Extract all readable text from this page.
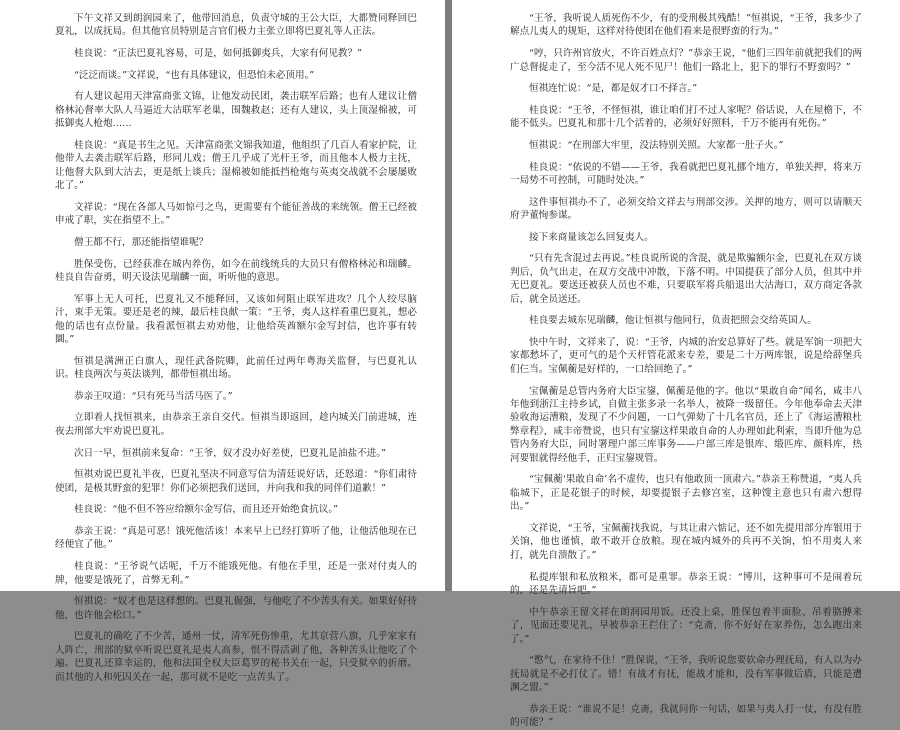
下午文祥又到朗润园来了，他带回消息，负责守城的王公大臣，大都赞同释回巴夏礼，以成抚局。但其他官员特别是言官们极力主张立即将巴夏礼等人正法。

桂良说：“正法巴夏礼容易，可是，如何抵御夷兵，大家有何见教？”

“泛泛而谈。”文祥说，“也有具体建议，但恐怕未必顶用。”

有人建议起用天津富商张文锦，让他发动民团，袭击联军后路；也有人建议让僧格林沁督率大队人马逼近大沽联军老巢，围魏救赵；还有人建议，头上顶湿棉被，可抵御夷人枪炮……

桂良说：“真是书生之见。天津富商张文锦我知道，他组织了几百人看家护院，让他带人去袭击联军后路，形同儿戏；僧王几乎成了光杆王爷，而且他本人极力主抚，让他督大队到大沽去，更是纸上谈兵；湿棉被如能抵挡枪炮与英夷交战就不会屡屡败北了。”

文祥说：“现在各部人马如惊弓之鸟，更需要有个能征善战的来统领。僧王已经被申戒了职，实在指望不上。”

僧王都不行，那还能指望谁呢？

胜保受伤，已经获准在城内养伤，如今在前线统兵的大员只有僧格林沁和瑞麟。桂良自告奋勇，明天设法见瑞麟一面，听听他的意思。

军事上无人可托，巴夏礼又不能释回，又该如何阻止联军进攻？几个人绞尽脑汁，束手无策。要还是老的辣，最后桂良献一策：“王爷，夷人这样看重巴夏礼，想必他的话也有点份量。我看派恒祺去劝劝他，让他给英酋额尔金写封信，也许事有转圜。”

恒祺是满洲正白旗人，现任武备院卿，此前任过两年粤海关监督，与巴夏礼认识。桂良两次与英法谈判，都带恒祺出场。

恭亲王叹道：“只有死马当活马医了。”

立即着人找恒祺来，由恭亲王亲自交代。恒祺当即返回，趁内城关门前进城，连夜去刑部大牢劝说巴夏礼。

次日一早，恒祺前来复命：“王爷，奴才没办好差使，巴夏礼是油盐不进。”

恒祺劝说巴夏礼半夜，巴夏礼坚决不同意写信为清廷说好话，还怒道：“你们肃待使团，是极其野蛮的犯罪！你们必须把我们送回，并向我和我的同伴们道歉！”

桂良说：“他不但不答应给额尔金写信，而且还开始绝食抗议。”

恭亲王说：“真是可恶！饿死他活该！本来早上已经打算听了他，让他活他现在已经便宜了他。”

桂良说：“王爷说气话呢，千万不能饿死他。有他在手里，还是一张对付夷人的牌，他要是饿死了，首弊无利。”

恒祺说：“奴才也是这样想的。巴夏礼倔强，与他吃了不少苦头有关。如果好好待他，也许他会松口。”

巴夏礼的确吃了不少苦，通州一仗，清军死伤惨重，尤其京营八旗，几乎家家有人阵亡，刑部的狱卒听说巴夏礼是夷人高参，恨不得活剥了他，各种苦头让他吃了个遍。巴夏礼还算幸运的，他和法国全权大臣葛罗的秘书关在一起，只受狱卒的折磨。而其他的人和死囚关在一起，那可就不是吃一点苦头了。

“王爷，我听说人质死伤不少，有的受刑极其残酷！”恒祺说，“王爷，我多少了解点儿夷人的规矩，这样对待使团在他们看来是很野蛮的行为。”

“哼，只许州官放火，不许百姓点灯？”恭亲王说，“他们三四年前就把我们的两广总督捉走了，至今活不见人死不见尸！他们一路北上，犯下的罪行不野蛮吗？”

恒祺连忙说：“是，都是奴才口不择言。”

桂良说：“王爷，不怪恒祺，谁让咱们打不过人家呢？俗话说，人在屋檐下，不能不低头。巴夏礼和那十几个活着的，必须好好照料，千万不能再有死伤。”

恒祺说：“在刑部大牢里，没法特别关照。大家都一肚子火。”

桂良说：“依说的不错——王爷，我看就把巴夏礼挪个地方，单独关押，将来万一局势不可控制，可随时处决。”

这件事恒祺办不了，必须交给文祥去与刑部交涉。关押的地方，则可以请顺天府尹董恂参谋。

接下来商量该怎么回复夷人。

“只有先含混过去再说。”桂良说所说的含混，就是欺骗额尔金，巴夏礼在双方谈判后，负气出走，在双方交战中冲散，下落不明。中国提获了部分人员，但其中并无巴夏礼。要送还被获人员也不难，只要联军将兵船退出大沽海口，双方商定各款后，就全员送还。

桂良要去城东见瑞麟，他让恒祺与他同行，负责把照会交给英国人。

快中午时，文祥来了，说：“王爷，内城的治安总算好了些。就是军饷一项把大家都愁坏了，更可气的是个天杆管花派来专差，要是二十万两库银，说是给薛堡兵们仨当。宝佩蘅是好样的，一口给回绝了。”

宝佩蘅是总管内务府大臣宝鋆，佩蘅是他的字。他以“果敢自命”闻名，咸丰八年他到浙江主持乡试，自做主张多录一名举人，被降一级留任。今年他奉命去天津验收海运漕粮，发现了不少问题，一口气弹劾了十几名官员，还上了《海运漕粮杜弊章程》，咸丰帝赞说，也只有宝鋆这样果敢自命的人办理如此利索，当即升他为总管内务府大臣，同时署理户部三库事务——户部三库是银库、缎匹库、颜料库，热河要银就得经他手，正归宝鋆规管。

“宝佩蘅‘果敢自命’名不虚传，也只有他敢顶一顶肃六。”恭亲王称赞道，“夷人兵临城下，正是花银子的时候，却要提银子去修宫室，这种馊主意也只有肃六想得出。”

文祥说，“王爷，宝佩蘅找我说，与其让肃六惦记，还不如先提用部分库银用于关饷，他也谨慎，敢不敢开仓放粮。现在城内城外的兵再不关饷，怕不用夷人来打，就先自溃散了。”

私提库银和私放粮米，都可是重罪。恭亲王说：“博川，这种事可不是闹着玩的，还是先请旨吧。”

中午恭亲王留文祥在朗润园用饭。还没上桌，胜保包着半面脸、吊着胳膊来了，见面还要见礼，早被恭亲王拦住了：“克斋，你不好好在家养伤，怎么跑出来了。”

“憋气，在家待不住！”胜保说，“王爷，我听说您要软命办理抚局，有人以为办抚局就是不必打仗了。错！有战才有抚，能战才能和，没有军事做后盾，只能是遭渊之盟。”

恭亲王说：“谁说不是！克斋，我就问你一句话，如果与夷人打一仗，有没有胜的可能？”
